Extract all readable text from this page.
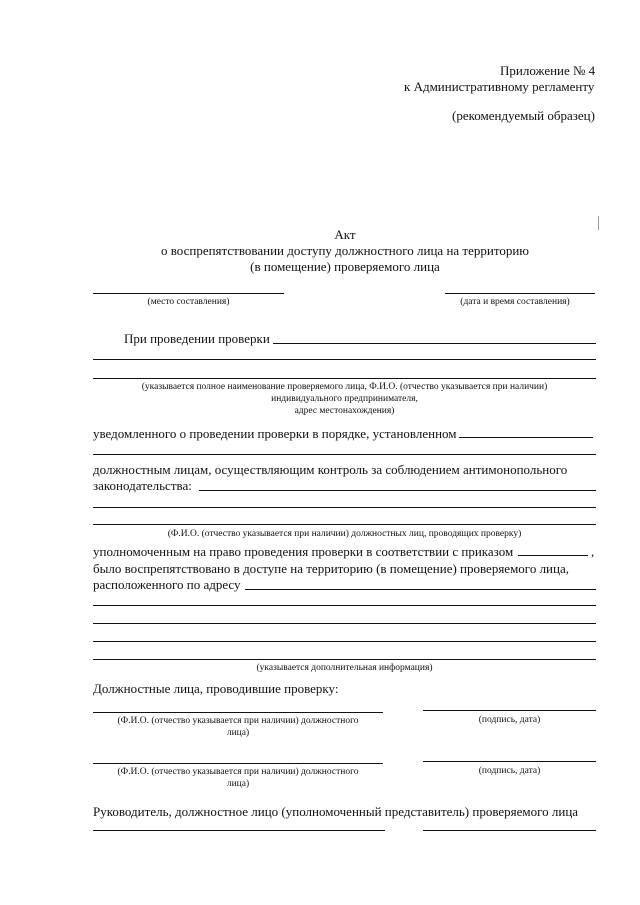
Приложение № 4
к Административному регламенту
(рекомендуемый образец)
Акт
о воспрепятствовании доступу должностного лица на территорию
(в помещение) проверяемого лица
(место составления)	(дата и время составления)
При проведении проверки
(указывается полное наименование проверяемого лица, Ф.И.О. (отчество указывается при наличии)
индивидуального предпринимателя,
адрес местонахождения)
уведомленного о проведении проверки в порядке, установленном
должностным лицам, осуществляющим контроль за соблюдением антимонопольного
законодательства:
(Ф.И.О. (отчество указывается при наличии) должностных лиц, проводящих проверку)
уполномоченным на право проведения проверки в соответствии с приказом	,
было воспрепятствовано в доступе на территорию (в помещение) проверяемого лица,
расположенного по адресу
(указывается дополнительная информация)
Должностные лица, проводившие проверку:
(Ф.И.О. (отчество указывается при наличии) должностного
лица)
(подпись, дата)
(Ф.И.О. (отчество указывается при наличии) должностного
лица)
(подпись, дата)
Руководитель, должностное лицо (уполномоченный представитель) проверяемого лица
